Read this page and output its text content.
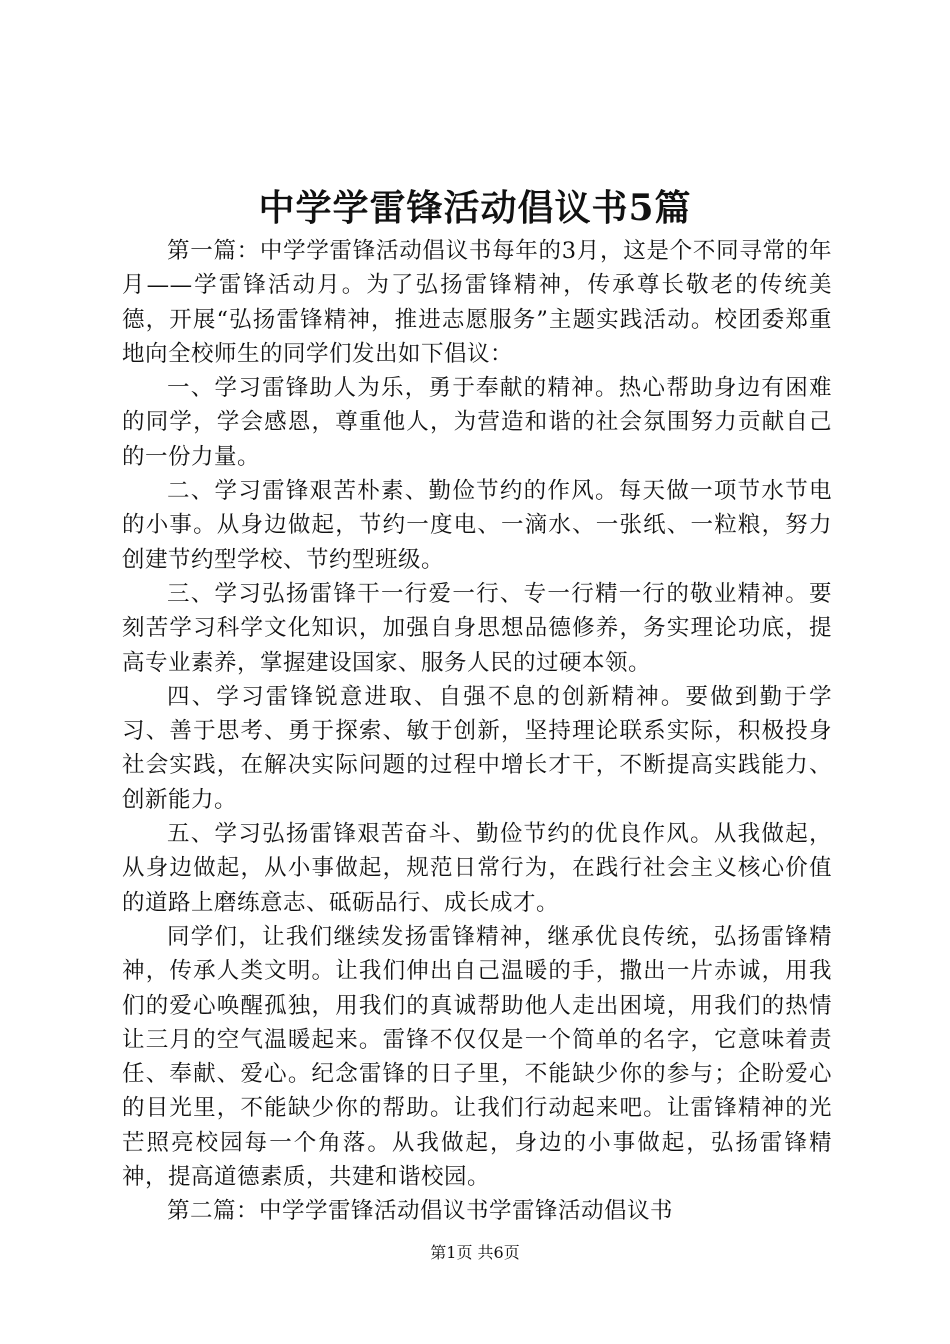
中学学雷锋活动倡议书5篇

第一篇：中学学雷锋活动倡议书每年的3月，这是个不同寻常的年月——学雷锋活动月。为了弘扬雷锋精神，传承尊长敬老的传统美德，开展“弘扬雷锋精神，推进志愿服务”主题实践活动。校团委郑重地向全校师生的同学们发出如下倡议：

一、学习雷锋助人为乐，勇于奉献的精神。热心帮助身边有困难的同学，学会感恩，尊重他人，为营造和谐的社会氛围努力贡献自己的一份力量。

二、学习雷锋艰苦朴素、勤俭节约的作风。每天做一项节水节电的小事。从身边做起，节约一度电、一滴水、一张纸、一粒粮，努力创建节约型学校、节约型班级。

三、学习弘扬雷锋干一行爱一行、专一行精一行的敬业精神。要刻苦学习科学文化知识，加强自身思想品德修养，务实理论功底，提高专业素养，掌握建设国家、服务人民的过硬本领。

四、学习雷锋锐意进取、自强不息的创新精神。要做到勤于学习、善于思考、勇于探索、敏于创新，坚持理论联系实际，积极投身社会实践，在解决实际问题的过程中增长才干，不断提高实践能力、创新能力。

五、学习弘扬雷锋艰苦奋斗、勤俭节约的优良作风。从我做起，从身边做起，从小事做起，规范日常行为，在践行社会主义核心价值的道路上磨练意志、砥砺品行、成长成才。

同学们，让我们继续发扬雷锋精神，继承优良传统，弘扬雷锋精神，传承人类文明。让我们伸出自己温暖的手，撒出一片赤诚，用我们的爱心唤醒孤独，用我们的真诚帮助他人走出困境，用我们的热情让三月的空气温暖起来。雷锋不仅仅是一个简单的名字，它意味着责任、奉献、爱心。纪念雷锋的日子里，不能缺少你的参与；企盼爱心的目光里，不能缺少你的帮助。让我们行动起来吧。让雷锋精神的光芒照亮校园每一个角落。从我做起，身边的小事做起，弘扬雷锋精神，提高道德素质，共建和谐校园。

第二篇：中学学雷锋活动倡议书学雷锋活动倡议书

第1页 共6页
